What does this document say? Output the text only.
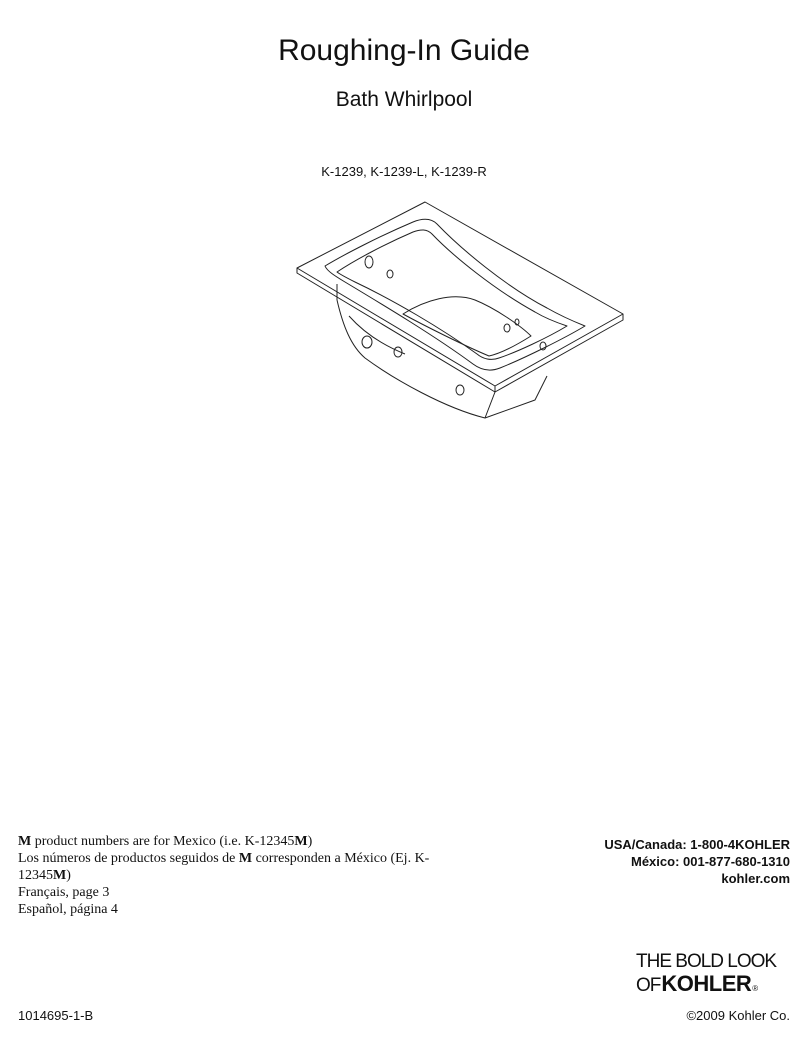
Roughing-In Guide
Bath Whirlpool
K-1239, K-1239-L, K-1239-R

M product numbers are for Mexico (i.e. K-12345M)

Los números de productos seguidos de M corresponden a México (Ej. K-12345M)

Français, page 3

Español, página 4

USA/Canada: 1-800-4KOHLER
México: 001-877-680-1310
kohler.com
THE BOLD LOOK
OF KOHLER ®
1014695-1-B	©2009 Kohler Co.
